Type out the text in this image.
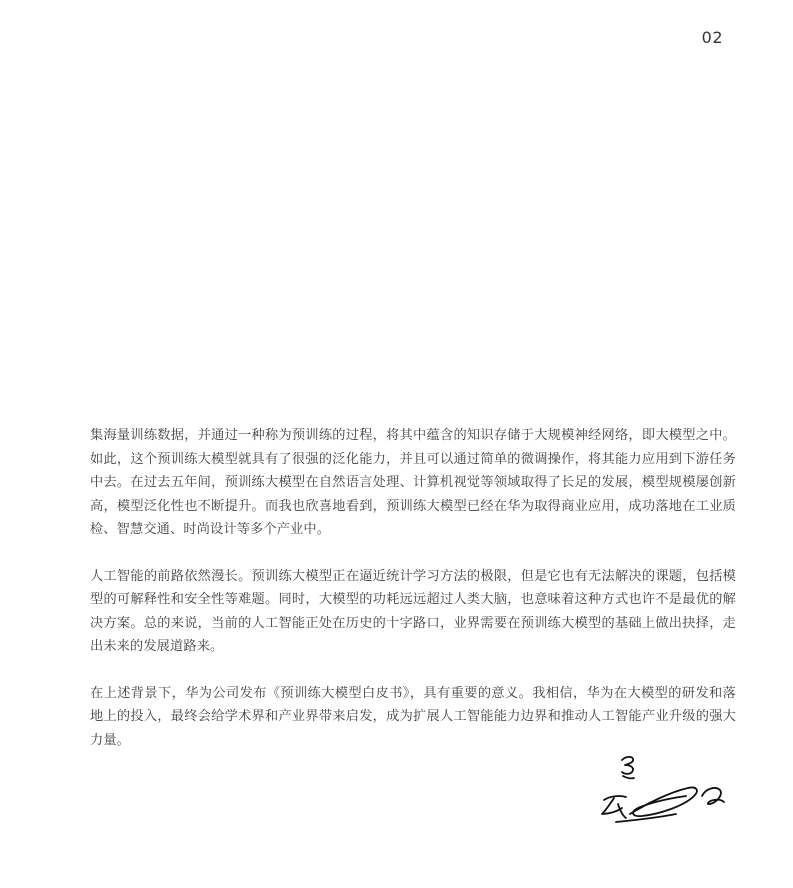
02

集海量训练数据，并通过一种称为预训练的过程，将其中蕴含的知识存储于大规模神经网络，即大模型之中。如此，这个预训练大模型就具有了很强的泛化能力，并且可以通过简单的微调操作，将其能力应用到下游任务中去。在过去五年间，预训练大模型在自然语言处理、计算机视觉等领域取得了长足的发展，模型规模屡创新高，模型泛化性也不断提升。而我也欣喜地看到，预训练大模型已经在华为取得商业应用，成功落地在工业质检、智慧交通、时尚设计等多个产业中。

人工智能的前路依然漫长。预训练大模型正在逼近统计学习方法的极限，但是它也有无法解决的课题，包括模型的可解释性和安全性等难题。同时，大模型的功耗远远超过人类大脑，也意味着这种方式也许不是最优的解决方案。总的来说，当前的人工智能正处在历史的十字路口，业界需要在预训练大模型的基础上做出抉择，走出未来的发展道路来。

在上述背景下，华为公司发布《预训练大模型白皮书》，具有重要的意义。我相信，华为在大模型的研发和落地上的投入，最终会给学术界和产业界带来启发，成为扩展人工智能能力边界和推动人工智能产业升级的强大力量。
